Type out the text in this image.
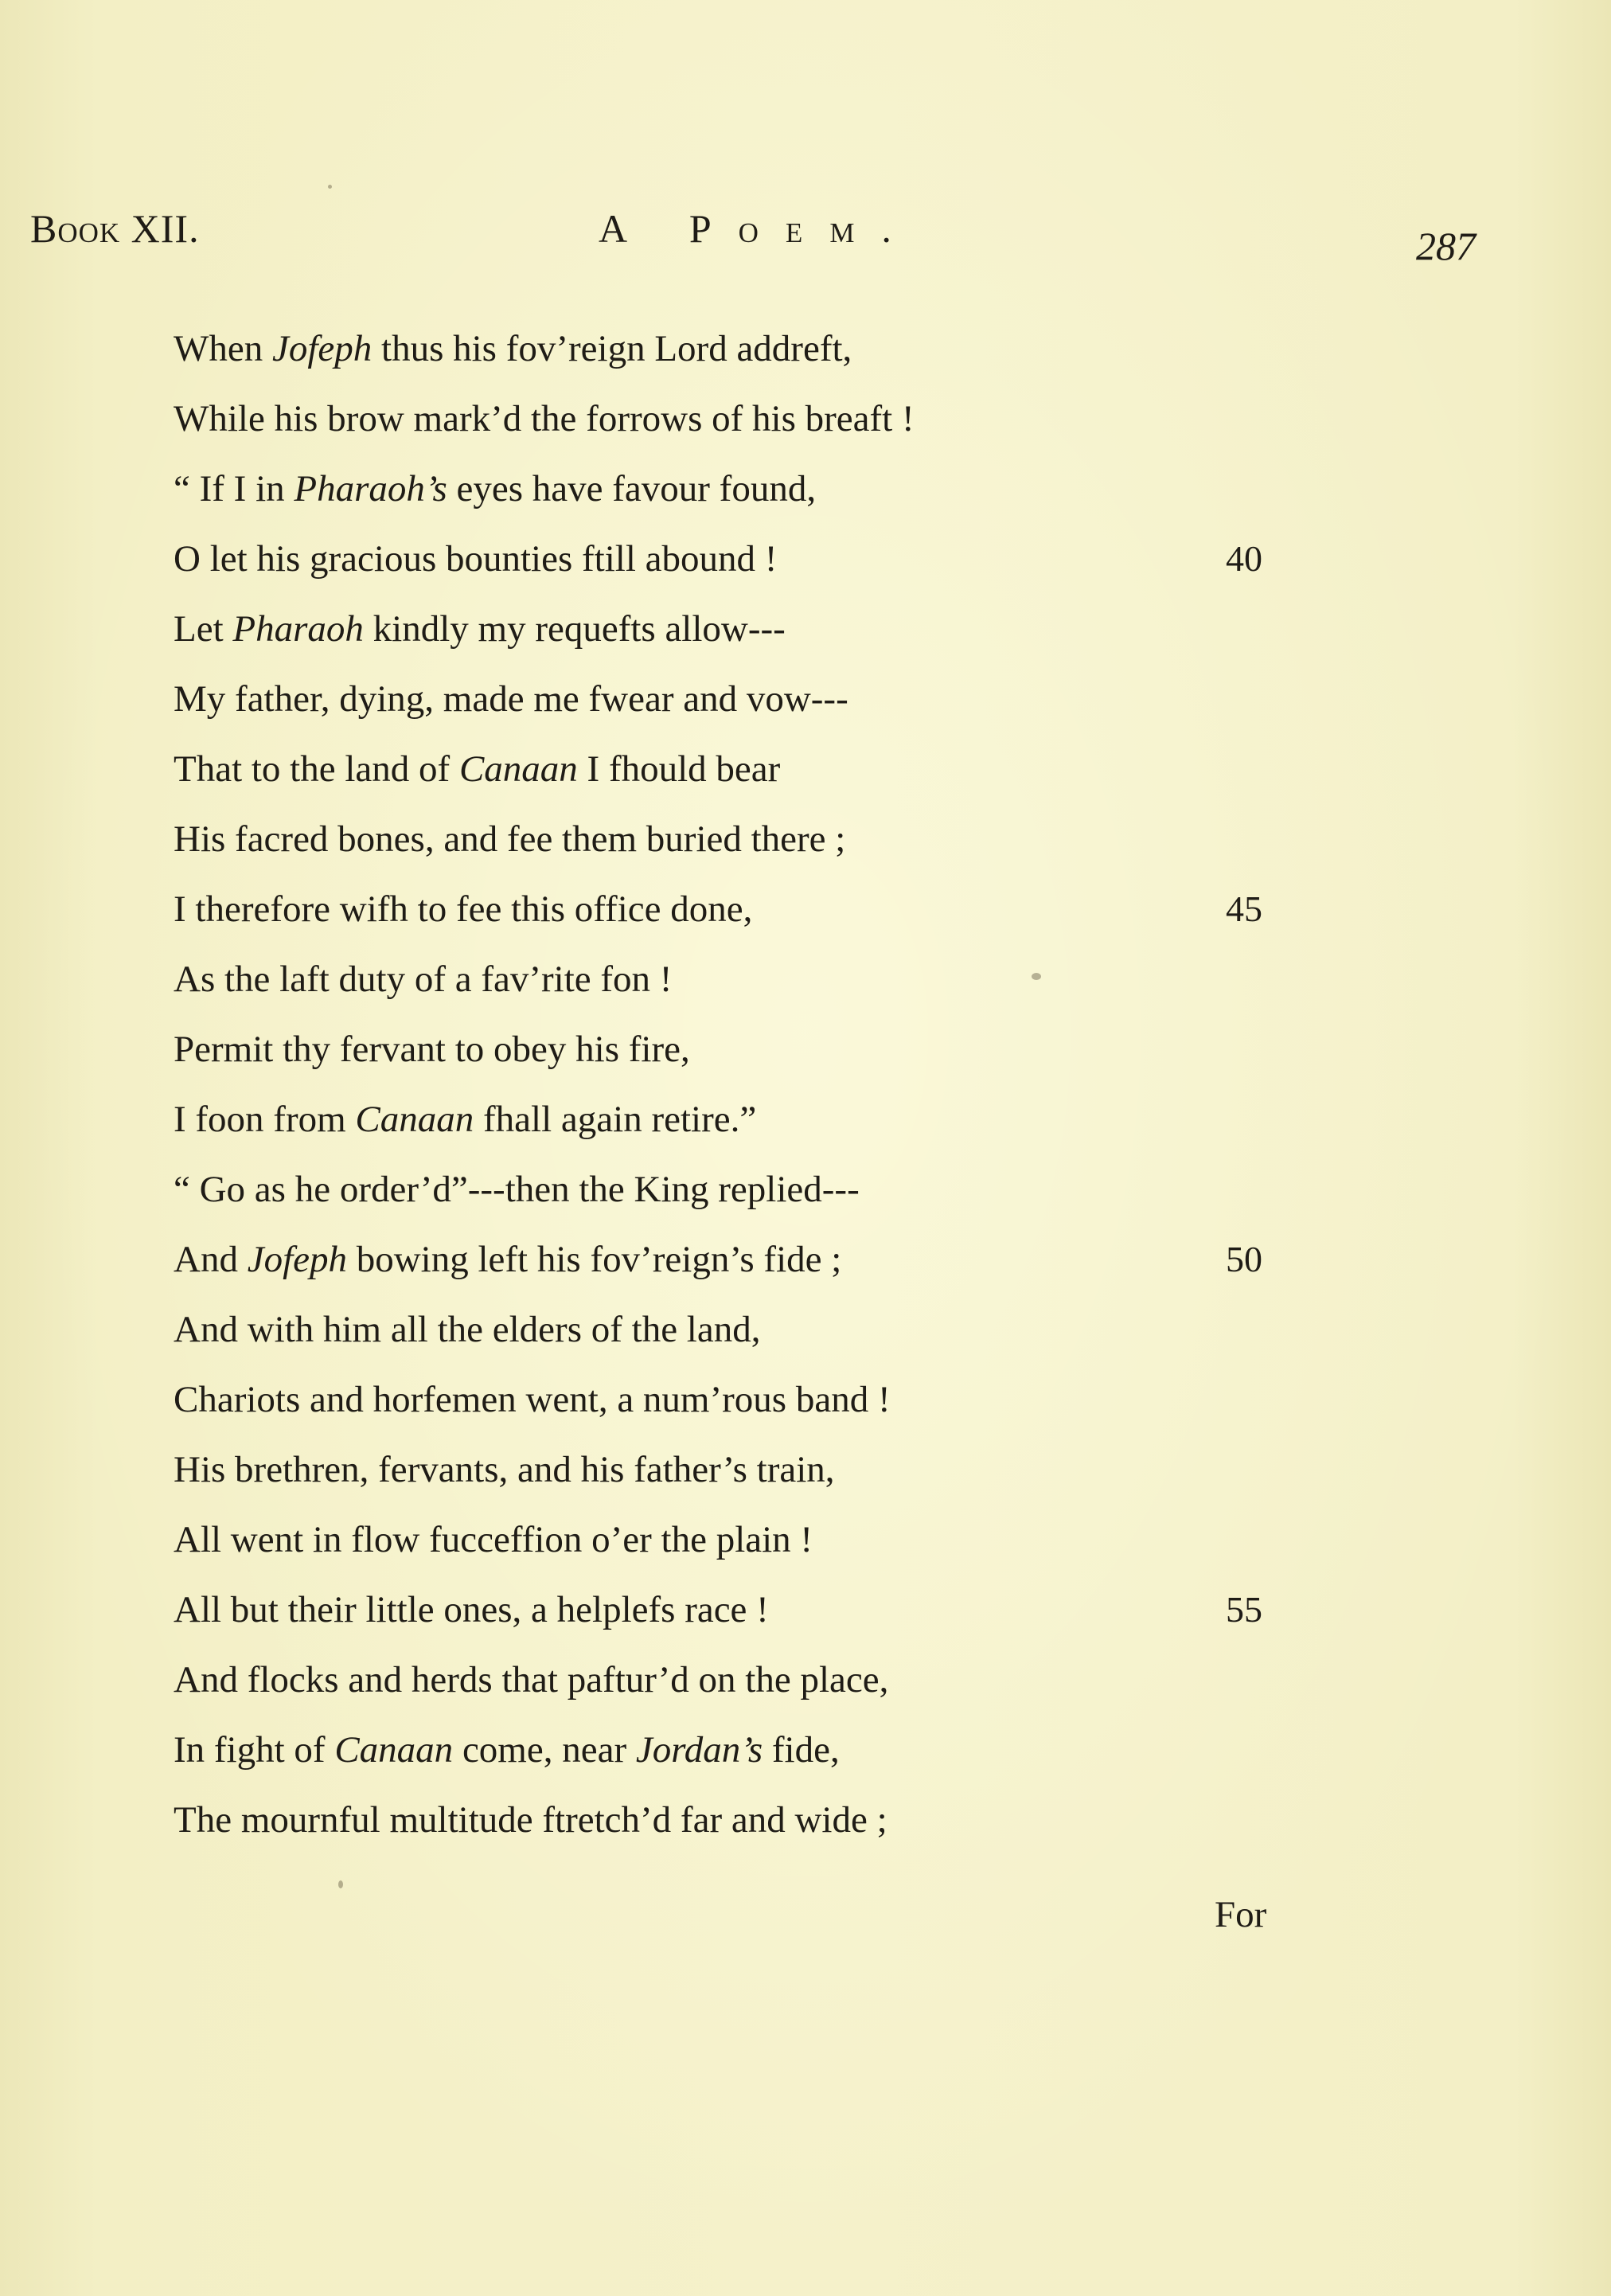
Book XII.	A Poem.	287
When Jofeph thus his fov’reign Lord addreft,
While his brow mark’d the forrows of his breaft !
“ If I in Pharaoh’s eyes have favour found,
O let his gracious bounties ftill abound !	40
Let Pharaoh kindly my requefts allow---
My father, dying, made me fwear and vow---
That to the land of Canaan I fhould bear
His facred bones, and fee them buried there ;
I therefore wifh to fee this office done,	45
As the laft duty of a fav’rite fon !
Permit thy fervant to obey his fire,
I foon from Canaan fhall again retire.”
“ Go as he order’d”---then the King replied---
And Jofeph bowing left his fov’reign’s fide ;	50
And with him all the elders of the land,
Chariots and horfemen went, a num’rous band !
His brethren, fervants, and his father’s train,
All went in flow fucceffion o’er the plain !
All but their little ones, a helplefs race !	55
And flocks and herds that paftur’d on the place,
In fight of Canaan come, near Jordan’s fide,
The mournful multitude ftretch’d far and wide ;
For
